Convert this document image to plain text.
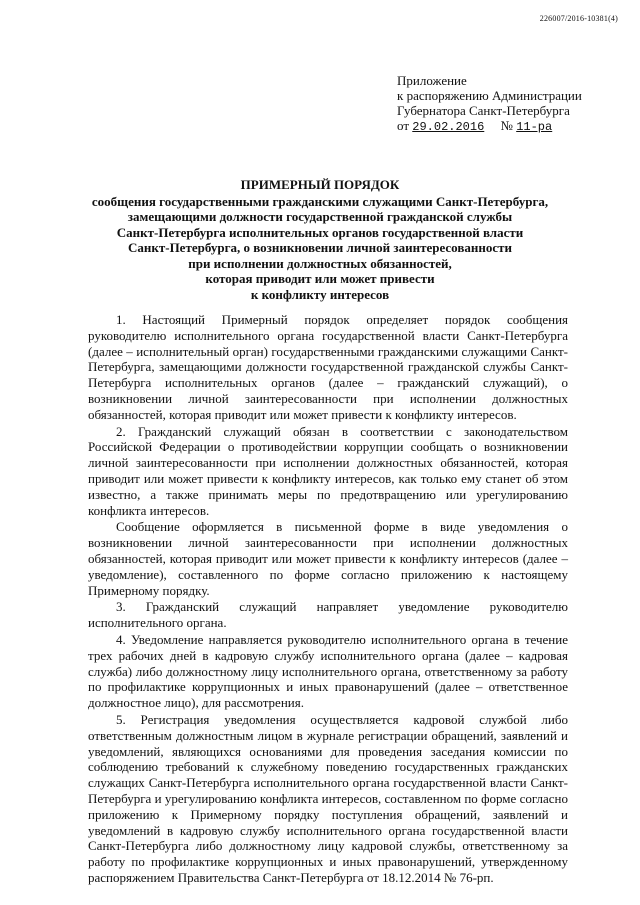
226007/2016-10381(4)
Приложение
к распоряжению Администрации
Губернатора Санкт-Петербурга
от 29.02.2016 № 11-ра
ПРИМЕРНЫЙ ПОРЯДОК
сообщения государственными гражданскими служащими Санкт-Петербурга,
замещающими должности государственной гражданской службы
Санкт-Петербурга исполнительных органов государственной власти
Санкт-Петербурга, о возникновении личной заинтересованности
при исполнении должностных обязанностей,
которая приводит или может привести
к конфликту интересов

1. Настоящий Примерный порядок определяет порядок сообщения руководителю исполнительного органа государственной власти Санкт-Петербурга (далее – исполнительный орган) государственными гражданскими служащими Санкт-Петербурга, замещающими должности государственной гражданской службы Санкт-Петербурга исполнительных органов (далее – гражданский служащий), о возникновении личной заинтересованности при исполнении должностных обязанностей, которая приводит или может привести к конфликту интересов.

2. Гражданский служащий обязан в соответствии с законодательством Российской Федерации о противодействии коррупции сообщать о возникновении личной заинтересованности при исполнении должностных обязанностей, которая приводит или может привести к конфликту интересов, как только ему станет об этом известно, а также принимать меры по предотвращению или урегулированию конфликта интересов.

Сообщение оформляется в письменной форме в виде уведомления о возникновении личной заинтересованности при исполнении должностных обязанностей, которая приводит или может привести к конфликту интересов (далее – уведомление), составленного по форме согласно приложению к настоящему Примерному порядку.

3. Гражданский служащий направляет уведомление руководителю исполнительного органа.

4. Уведомление направляется руководителю исполнительного органа в течение трех рабочих дней в кадровую службу исполнительного органа (далее – кадровая служба) либо должностному лицу исполнительного органа, ответственному за работу по профилактике коррупционных и иных правонарушений (далее – ответственное должностное лицо), для рассмотрения.

5. Регистрация уведомления осуществляется кадровой службой либо ответственным должностным лицом в журнале регистрации обращений, заявлений и уведомлений, являющихся основаниями для проведения заседания комиссии по соблюдению требований к служебному поведению государственных гражданских служащих Санкт-Петербурга исполнительного органа государственной власти Санкт-Петербурга и урегулированию конфликта интересов, составленном по форме согласно приложению к Примерному порядку поступления обращений, заявлений и уведомлений в кадровую службу исполнительного органа государственной власти Санкт-Петербурга либо должностному лицу кадровой службы, ответственному за работу по профилактике коррупционных и иных правонарушений, утвержденному распоряжением Правительства Санкт-Петербурга от 18.12.2014 № 76-рп.
